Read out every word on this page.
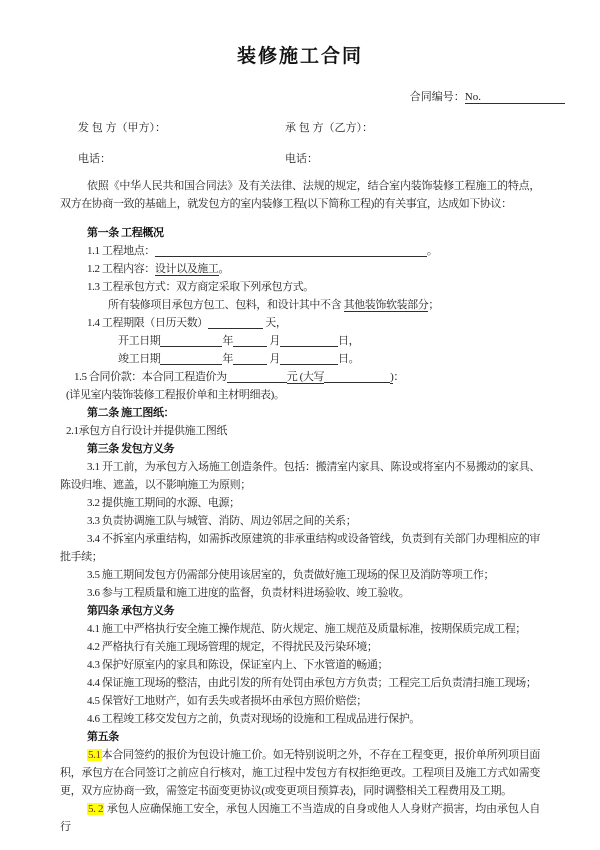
装修施工合同
合同编号：No.
发 包 方（甲方）：	承 包 方（乙方）：
电话：	电话：
依照《中华人民共和国合同法》及有关法律、法规的规定，结合室内装饰装修工程施工的特点，双方在协商一致的基础上，就发包方的室内装修工程(以下简称工程)的有关事宜，达成如下协议：
第一条 工程概况
1.1 工程地点：	。
1.2 工程内容：设计以及施工。
1.3 工程承包方式：双方商定采取下列承包方式。
所有装修项目承包方包工、包料，和设计其中不含 其他装饰软装部分；
1.4 工程期限（日历天数）	天，
开工日期	年	月	日，
竣工日期	年	月	日。
1.5 合同价款：本合同工程造价为	元 (大写	)：
(详见室内装饰装修工程报价单和主材明细表)。
第二条 施工图纸：
2.1承包方自行设计并提供施工图纸
第三条 发包方义务
3.1 开工前，为承包方入场施工创造条件。包括：搬清室内家具、陈设或将室内不易搬动的家具、陈设归堆、遮盖，以不影响施工为原则；
3.2 提供施工期间的水源、电源；
3.3 负责协调施工队与城管、消防、周边邻居之间的关系；
3.4 不拆室内承重结构，如需拆改原建筑的非承重结构或设备管线，负责到有关部门办理相应的审批手续；
3.5 施工期间发包方仍需部分使用该居室的，负责做好施工现场的保卫及消防等项工作；
3.6 参与工程质量和施工进度的监督，负责材料进场验收、竣工验收。
第四条 承包方义务
4.1 施工中严格执行安全施工操作规范、防火规定、施工规范及质量标准，按期保质完成工程；
4.2 严格执行有关施工现场管理的规定，不得扰民及污染环境；
4.3 保护好原室内的家具和陈设，保证室内上、下水管道的畅通；
4.4 保证施工现场的整洁，由此引发的所有处罚由承包方方负责；工程完工后负责清扫施工现场；
4.5 保管好工地财产，如有丢失或者损坏由承包方照价赔偿；
4.6 工程竣工移交发包方之前，负责对现场的设施和工程成品进行保护。
第五条
5.1本合同签约的报价为包设计施工价。如无特别说明之外，不存在工程变更，报价单所列项目面积，承包方在合同签订之前应自行核对，施工过程中发包方有权拒绝更改。工程项目及施工方式如需变更，双方应协商一致，需签定书面变更协议(或变更项目预算表)，同时调整相关工程费用及工期。
5. 2 承包人应确保施工安全，承包人因施工不当造成的自身或他人人身财产损害，均由承包人自行
